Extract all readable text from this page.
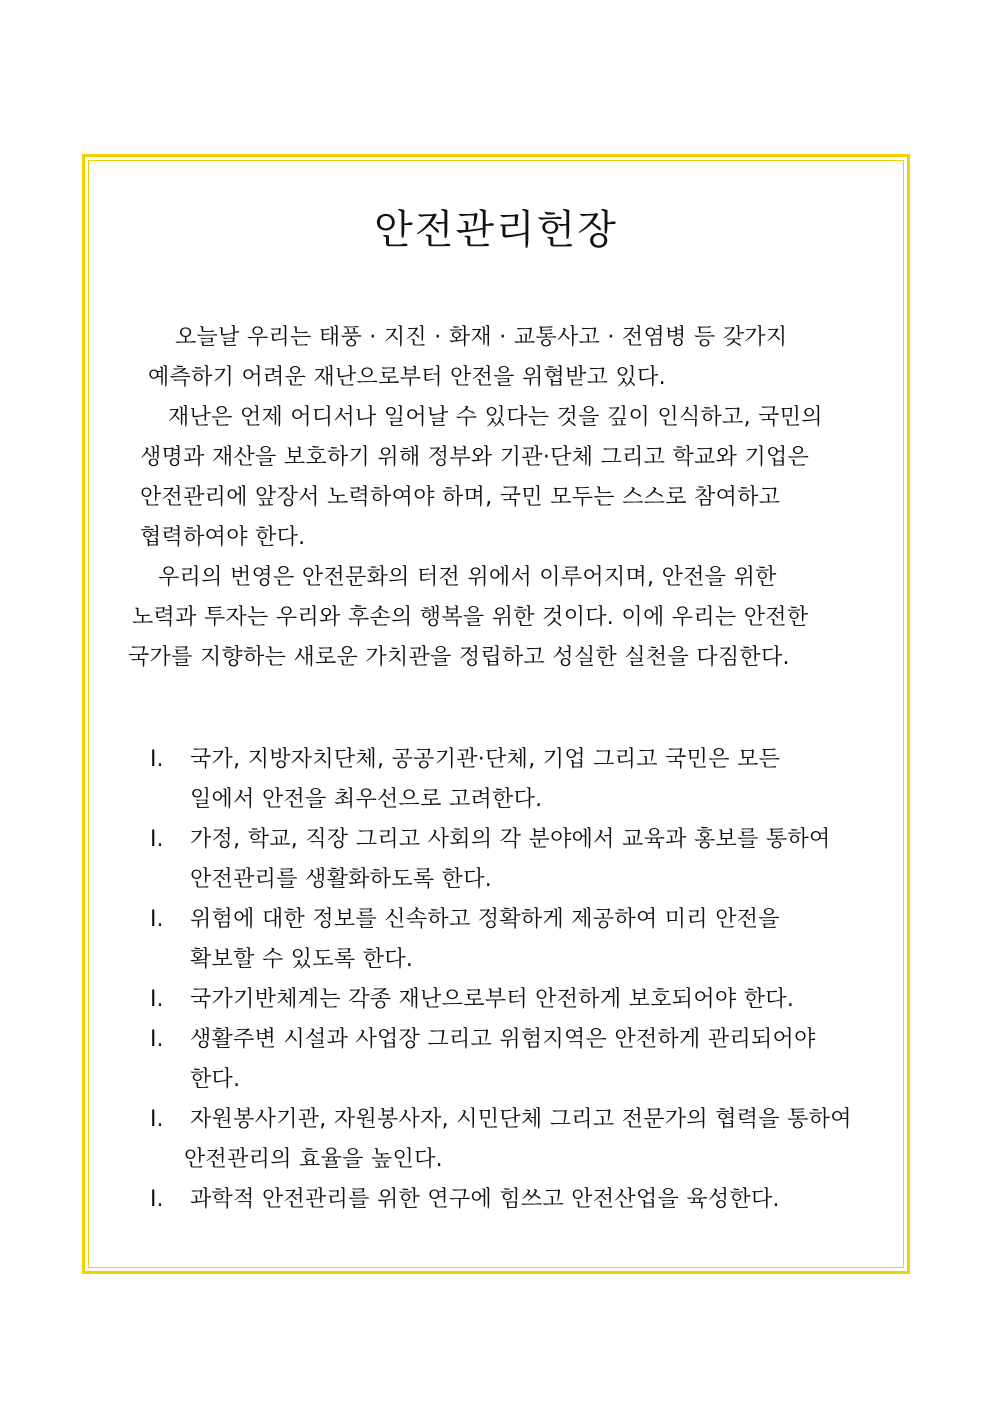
안전관리헌장
오늘날 우리는 태풍 · 지진 · 화재 · 교통사고 · 전염병 등 갖가지
예측하기 어려운 재난으로부터 안전을 위협받고 있다.
재난은 언제 어디서나 일어날 수 있다는 것을 깊이 인식하고, 국민의
생명과 재산을 보호하기 위해 정부와 기관·단체 그리고 학교와 기업은
안전관리에 앞장서 노력하여야 하며, 국민 모두는 스스로 참여하고
협력하여야 한다.
우리의 번영은 안전문화의 터전 위에서 이루어지며, 안전을 위한
노력과 투자는 우리와 후손의 행복을 위한 것이다. 이에 우리는 안전한
국가를 지향하는 새로운 가치관을 정립하고 성실한 실천을 다짐한다.
Ⅰ. 국가, 지방자치단체, 공공기관·단체, 기업 그리고 국민은 모든
일에서 안전을 최우선으로 고려한다.
Ⅰ. 가정, 학교, 직장 그리고 사회의 각 분야에서 교육과 홍보를 통하여
안전관리를 생활화하도록 한다.
Ⅰ. 위험에 대한 정보를 신속하고 정확하게 제공하여 미리 안전을
확보할 수 있도록 한다.
Ⅰ. 국가기반체계는 각종 재난으로부터 안전하게 보호되어야 한다.
Ⅰ. 생활주변 시설과 사업장 그리고 위험지역은 안전하게 관리되어야
한다.
Ⅰ. 자원봉사기관, 자원봉사자, 시민단체 그리고 전문가의 협력을 통하여
안전관리의 효율을 높인다.
Ⅰ. 과학적 안전관리를 위한 연구에 힘쓰고 안전산업을 육성한다.
